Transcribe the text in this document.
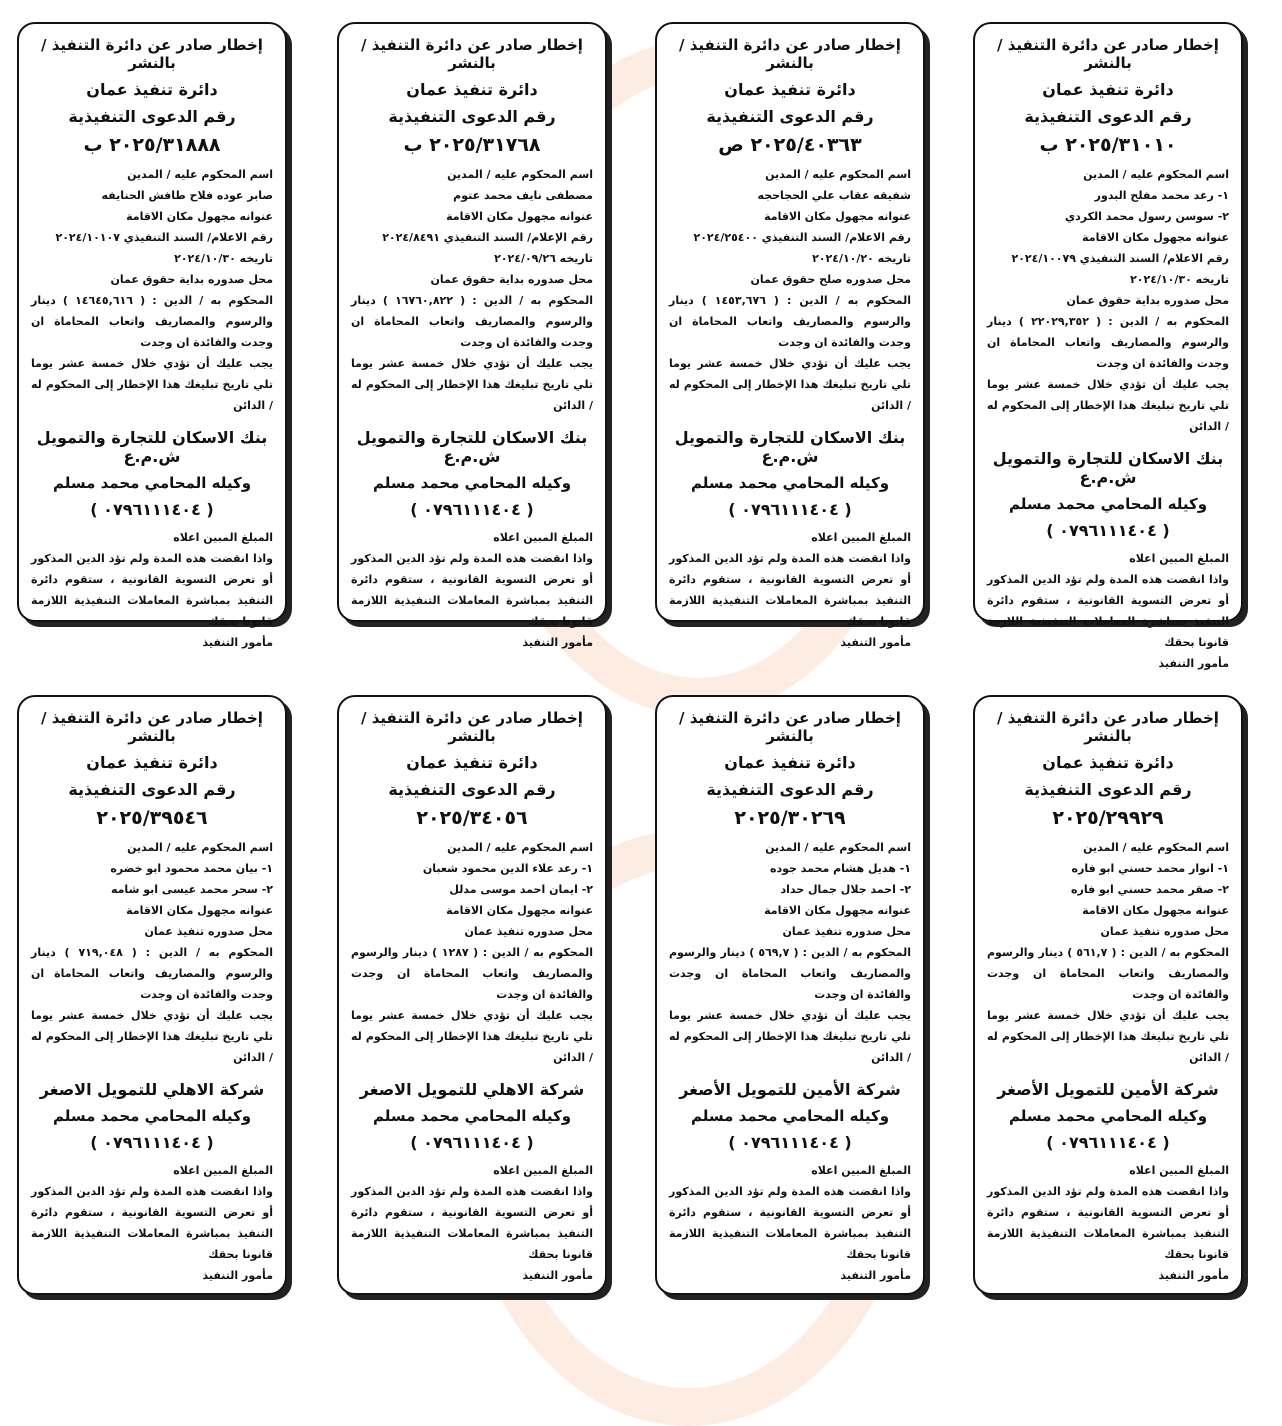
إخطار صادر عن دائرة التنفيذ / بالنشر
دائرة تنفيذ عمان
رقم الدعوى التنفيذية
٢٠٢٥/٣١٠١٠ ب
اسم المحكوم عليه / المدين
١- رعد محمد مفلح البدور
٢- سوسن رسول محمد الكردي
عنوانه مجهول مكان الاقامة
رقم الاعلام/ السند التنفيذي ٢٠٢٤/١٠٠٧٩
تاريخه ٢٠٢٤/١٠/٣٠
محل صدوره بداية حقوق عمان
المحكوم به / الدين : ( ٢٢٠٢٩,٣٥٢ ) دينار والرسوم والمصاريف واتعاب المحاماة ان وجدت والفائدة ان وجدت
يجب عليك أن تؤدي خلال خمسة عشر يوما تلي تاريخ تبليغك هذا الإخطار إلى المحكوم له / الدائن
بنك الاسكان للتجارة والتمويل ش.م.ع
وكيله المحامي محمد مسلم
( ٠٧٩٦١١١٤٠٤ )
المبلغ المبين اعلاه
واذا انقضت هذه المدة ولم تؤد الدين المذكور أو تعرض التسوية القانونية ، ستقوم دائرة التنفيذ بمباشرة المعاملات التنفيذية اللازمة قانونا بحقك
مأمور التنفيذ
إخطار صادر عن دائرة التنفيذ / بالنشر
دائرة تنفيذ عمان
رقم الدعوى التنفيذية
٢٠٢٥/٤٠٣٦٣ ص
اسم المحكوم عليه / المدين
شفيقه عقاب علي الحجاحجه
عنوانه مجهول مكان الاقامة
رقم الاعلام/ السند التنفيذي ٢٠٢٤/٢٥٤٠٠
تاريخه ٢٠٢٤/١٠/٢٠
محل صدوره صلح حقوق عمان
المحكوم به / الدين : ( ١٤٥٣,٦٧٦ ) دينار والرسوم والمصاريف واتعاب المحاماة ان وجدت والفائدة ان وجدت
يجب عليك أن تؤدي خلال خمسة عشر يوما تلي تاريخ تبليغك هذا الإخطار إلى المحكوم له / الدائن
بنك الاسكان للتجارة والتمويل ش.م.ع
وكيله المحامي محمد مسلم
( ٠٧٩٦١١١٤٠٤ )
المبلغ المبين اعلاه
واذا انقضت هذه المدة ولم تؤد الدين المذكور أو تعرض التسوية القانونية ، ستقوم دائرة التنفيذ بمباشرة المعاملات التنفيذية اللازمة قانونا بحقك
مأمور التنفيذ
إخطار صادر عن دائرة التنفيذ / بالنشر
دائرة تنفيذ عمان
رقم الدعوى التنفيذية
٢٠٢٥/٣١٧٦٨ ب
اسم المحكوم عليه / المدين
مصطفى نايف محمد عتوم
عنوانه مجهول مكان الاقامة
رقم الإعلام/ السند التنفيذي ٢٠٢٤/٨٤٩١
تاريخه ٢٠٢٤/٠٩/٢٦
محل صدوره بداية حقوق عمان
المحكوم به / الدين : ( ١٦٧٦٠,٨٢٢ ) دينار والرسوم والمصاريف واتعاب المحاماة ان وجدت والفائدة ان وجدت
يجب عليك أن تؤدي خلال خمسة عشر يوما تلي تاريخ تبليغك هذا الإخطار إلى المحكوم له / الدائن
بنك الاسكان للتجارة والتمويل ش.م.ع
وكيله المحامي محمد مسلم
( ٠٧٩٦١١١٤٠٤ )
المبلغ المبين اعلاه
واذا انقضت هذه المدة ولم تؤد الدين المذكور أو تعرض التسوية القانونية ، ستقوم دائرة التنفيذ بمباشرة المعاملات التنفيذية اللازمة قانونا بحقك
مأمور التنفيذ
إخطار صادر عن دائرة التنفيذ / بالنشر
دائرة تنفيذ عمان
رقم الدعوى التنفيذية
٢٠٢٥/٣١٨٨٨ ب
اسم المحكوم عليه / المدين
صابر عوده فلاح طافش الحنايفه
عنوانه مجهول مكان الاقامة
رقم الاعلام/ السند التنفيذي ٢٠٢٤/١٠١٠٧
تاريخه ٢٠٢٤/١٠/٣٠
محل صدوره بداية حقوق عمان
المحكوم به / الدين : ( ١٤٦٤٥,٦١٦ ) دينار والرسوم والمصاريف واتعاب المحاماة ان وجدت والفائدة ان وجدت
يجب عليك أن تؤدي خلال خمسة عشر يوما تلي تاريخ تبليغك هذا الإخطار إلى المحكوم له / الدائن
بنك الاسكان للتجارة والتمويل ش.م.ع
وكيله المحامي محمد مسلم
( ٠٧٩٦١١١٤٠٤ )
المبلغ المبين اعلاه
واذا انقضت هذه المدة ولم تؤد الدين المذكور أو تعرض التسوية القانونية ، ستقوم دائرة التنفيذ بمباشرة المعاملات التنفيذية اللازمة قانونا بحقك
مأمور التنفيذ
إخطار صادر عن دائرة التنفيذ / بالنشر
دائرة تنفيذ عمان
رقم الدعوى التنفيذية
٢٠٢٥/٢٩٩٢٩
اسم المحكوم عليه / المدين
١- انوار محمد حسني ابو فاره
٢- صقر محمد حسني ابو فاره
عنوانه مجهول مكان الاقامة
محل صدوره تنفيذ عمان
المحكوم به / الدين : ( ٥٦١,٧ ) دينار والرسوم والمصاريف واتعاب المحاماة ان وجدت والفائدة ان وجدت
يجب عليك أن تؤدي خلال خمسة عشر يوما تلي تاريخ تبليغك هذا الإخطار إلى المحكوم له / الدائن
شركة الأمين للتمويل الأصغر
وكيله المحامي محمد مسلم
( ٠٧٩٦١١١٤٠٤ )
المبلغ المبين اعلاه
واذا انقضت هذه المدة ولم تؤد الدين المذكور أو تعرض التسوية القانونية ، ستقوم دائرة التنفيذ بمباشرة المعاملات التنفيذية اللازمة قانونا بحقك
مأمور التنفيذ
إخطار صادر عن دائرة التنفيذ / بالنشر
دائرة تنفيذ عمان
رقم الدعوى التنفيذية
٢٠٢٥/٣٠٢٦٩
اسم المحكوم عليه / المدين
١- هديل هشام محمد جوده
٢- احمد جلال جمال حداد
عنوانه مجهول مكان الاقامة
محل صدوره تنفيذ عمان
المحكوم به / الدين : ( ٥٦٩,٧ ) دينار والرسوم والمصاريف واتعاب المحاماة ان وجدت والفائدة ان وجدت
يجب عليك أن تؤدي خلال خمسة عشر يوما تلي تاريخ تبليغك هذا الإخطار إلى المحكوم له / الدائن
شركة الأمين للتمويل الأصغر
وكيله المحامي محمد مسلم
( ٠٧٩٦١١١٤٠٤ )
المبلغ المبين اعلاه
واذا انقضت هذه المدة ولم تؤد الدين المذكور أو تعرض التسوية القانونية ، ستقوم دائرة التنفيذ بمباشرة المعاملات التنفيذية اللازمة قانونا بحقك
مأمور التنفيذ
إخطار صادر عن دائرة التنفيذ / بالنشر
دائرة تنفيذ عمان
رقم الدعوى التنفيذية
٢٠٢٥/٣٤٠٥٦
اسم المحكوم عليه / المدين
١- رعد علاء الدين محمود شعبان
٢- ايمان احمد موسى مدلل
عنوانه مجهول مكان الاقامة
محل صدوره تنفيذ عمان
المحكوم به / الدين : ( ١٢٨٧ ) دينار والرسوم والمصاريف واتعاب المحاماة ان وجدت والفائدة ان وجدت
يجب عليك أن تؤدي خلال خمسة عشر يوما تلي تاريخ تبليغك هذا الإخطار إلى المحكوم له / الدائن
شركة الاهلي للتمويل الاصغر
وكيله المحامي محمد مسلم
( ٠٧٩٦١١١٤٠٤ )
المبلغ المبين اعلاه
واذا انقضت هذه المدة ولم تؤد الدين المذكور أو تعرض التسوية القانونية ، ستقوم دائرة التنفيذ بمباشرة المعاملات التنفيذية اللازمة قانونا بحقك
مأمور التنفيذ
إخطار صادر عن دائرة التنفيذ / بالنشر
دائرة تنفيذ عمان
رقم الدعوى التنفيذية
٢٠٢٥/٣٩٥٤٦
اسم المحكوم عليه / المدين
١- بيان محمد محمود ابو خضره
٢- سحر محمد عيسى ابو شامه
عنوانه مجهول مكان الاقامة
محل صدوره تنفيذ عمان
المحكوم به / الدين : ( ٧١٩,٠٤٨ ) دينار والرسوم والمصاريف واتعاب المحاماة ان وجدت والفائدة ان وجدت
يجب عليك أن تؤدي خلال خمسة عشر يوما تلي تاريخ تبليغك هذا الإخطار إلى المحكوم له / الدائن
شركة الاهلي للتمويل الاصغر
وكيله المحامي محمد مسلم
( ٠٧٩٦١١١٤٠٤ )
المبلغ المبين اعلاه
واذا انقضت هذه المدة ولم تؤد الدين المذكور أو تعرض التسوية القانونية ، ستقوم دائرة التنفيذ بمباشرة المعاملات التنفيذية اللازمة قانونا بحقك
مأمور التنفيذ
